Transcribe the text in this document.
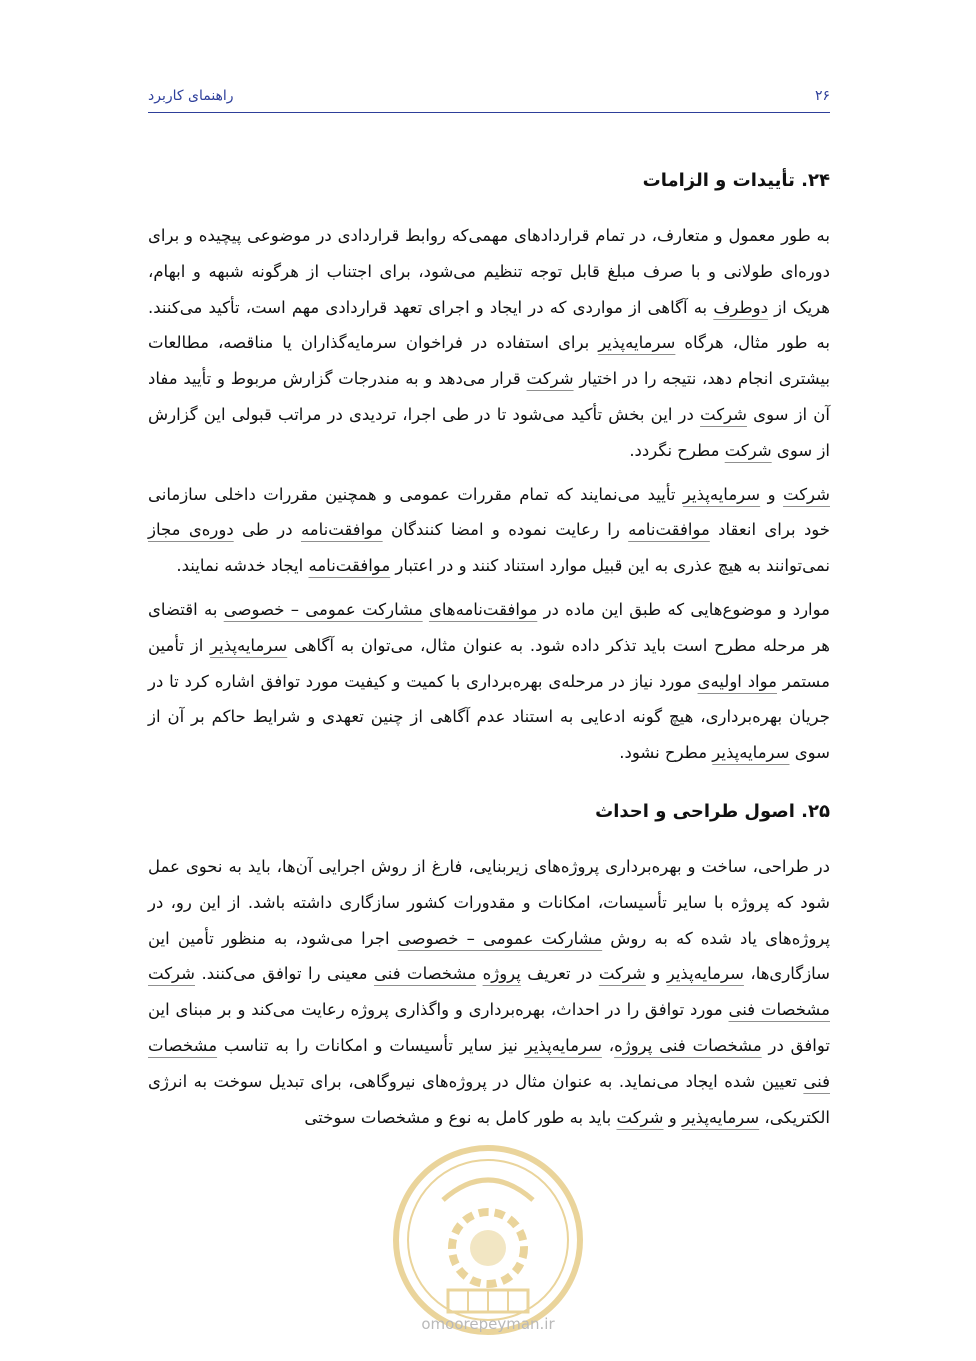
۲۶
راهنمای کاربرد
۲۴. تأییدات و الزامات

به طور معمول و متعارف، در تمام قراردادهای مهمی‌که روابط قراردادی در موضوعی پیچیده و برای دوره‌ای طولانی و با صرف مبلغ قابل توجه تنظیم می‌شود، برای اجتناب از هرگونه شبهه و ابهام، هریک از دوطرف به آگاهی از مواردی که در ایجاد و اجرای تعهد قراردادی مهم است، تأکید می‌کنند. به طور مثال، هرگاه سرمایه‌پذیر برای استفاده در فراخوان سرمایه‌گذاران یا مناقصه، مطالعات بیشتری انجام دهد، نتیجه را در اختیار شرکت قرار می‌دهد و به مندرجات گزارش مربوط و تأیید مفاد آن از سوی شرکت در این بخش تأکید می‌شود تا در طی اجرا، تردیدی در مراتب قبولی این گزارش از سوی شرکت مطرح نگردد.

شرکت و سرمایه‌پذیر تأیید می‌نمایند که تمام مقررات عمومی و همچنین مقررات داخلی سازمانی خود برای انعقاد موافقت‌نامه را رعایت نموده و امضا کنندگان موافقت‌نامه در طی دوره‌ی مجاز نمی‌توانند به هیچ عذری به این قبیل موارد استناد کنند و در اعتبار موافقت‌نامه ایجاد خدشه نمایند.

موارد و موضوع‌هایی که طبق این ماده در موافقت‌نامه‌های مشارکت عمومی – خصوصی به اقتضای هر مرحله مطرح است باید تذکر داده شود. به عنوان مثال، می‌توان به آگاهی سرمایه‌پذیر از تأمین مستمر مواد اولیه‌ی مورد نیاز در مرحله‌ی بهره‌برداری با کمیت و کیفیت مورد توافق اشاره کرد تا در جریان بهره‌برداری، هیچ گونه ادعایی به استناد عدم آگاهی از چنین تعهدی و شرایط حاکم بر آن از سوی سرمایه‌پذیر مطرح نشود.

۲۵. اصول طراحی و احداث

در طراحی، ساخت و بهره‌برداری پروژه‌های زیربنایی، فارغ از روش اجرایی آن‌ها، باید به نحوی عمل شود که پروژه با سایر تأسیسات، امکانات و مقدورات کشور سازگاری داشته باشد. از این رو، در پروژه‌های یاد شده که به روش مشارکت عمومی – خصوصی اجرا می‌شود، به منظور تأمین این سازگاری‌ها، سرمایه‌پذیر و شرکت در تعریف پروژه مشخصات فنی معینی را توافق می‌کنند. شرکت مشخصات فنی مورد توافق را در احداث، بهره‌برداری و واگذاری پروژه رعایت می‌کند و بر مبنای این توافق در مشخصات فنی پروژه، سرمایه‌پذیر نیز سایر تأسیسات و امکانات را به تناسب مشخصات فنی تعیین شده ایجاد می‌نماید. به عنوان مثال در پروژه‌های نیروگاهی، برای تبدیل سوخت به انرژی الکتریکی، سرمایه‌پذیر و شرکت باید به طور کامل به نوع و مشخصات سوختی

omoorepeyman.ir
